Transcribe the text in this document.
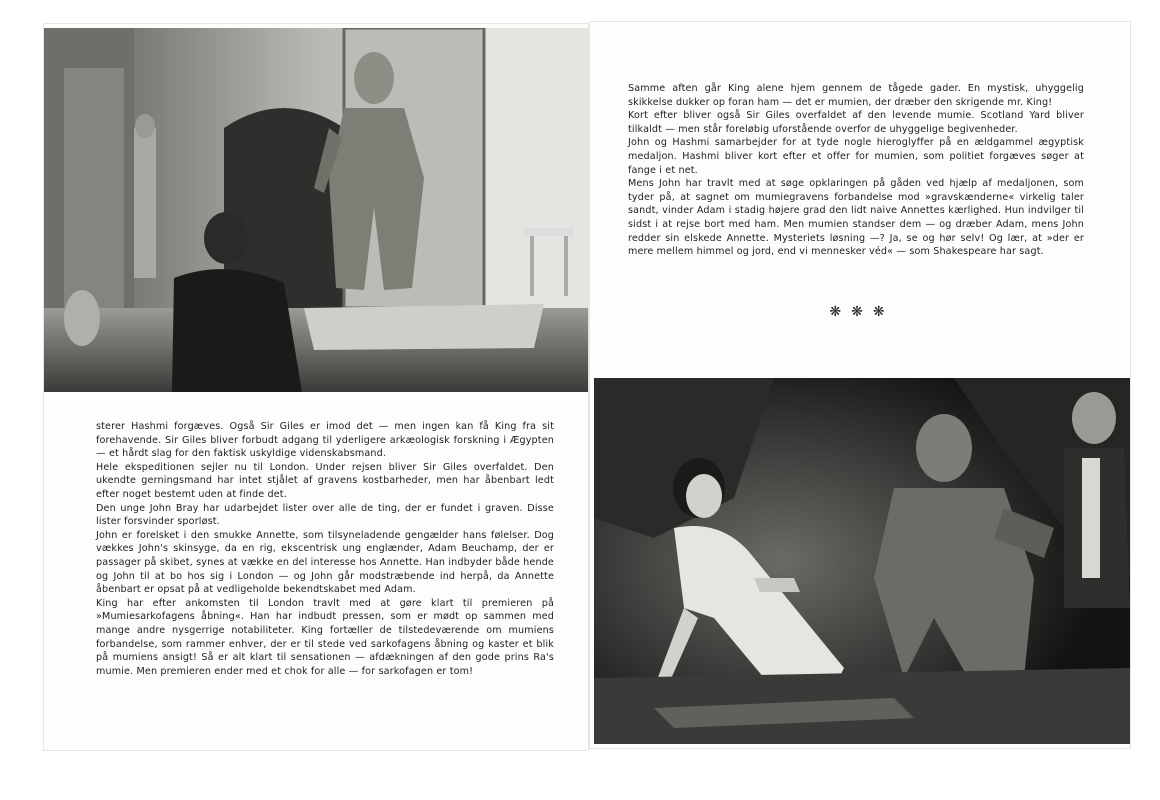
sterer Hashmi forgæves. Også Sir Giles er imod det — men ingen kan få King fra sit forehavende. Sir Giles bliver forbudt adgang til yderligere arkæologisk forskning i Ægypten — et hårdt slag for den faktisk uskyldige videnskabsmand.

Hele ekspeditionen sejler nu til London. Under rejsen bliver Sir Giles overfaldet. Den ukendte gerningsmand har intet stjålet af gravens kostbarheder, men har åbenbart ledt efter noget bestemt uden at finde det.

Den unge John Bray har udarbejdet lister over alle de ting, der er fundet i graven. Disse lister forsvinder sporløst.

John er forelsket i den smukke Annette, som tilsyneladende gengælder hans følelser. Dog vækkes John's skinsyge, da en rig, ekscentrisk ung englænder, Adam Beuchamp, der er passager på skibet, synes at vække en del interesse hos Annette. Han indbyder både hende og John til at bo hos sig i London — og John går modstræbende ind herpå, da Annette åbenbart er opsat på at vedligeholde bekendtskabet med Adam.

King har efter ankomsten til London travlt med at gøre klart til premieren på »Mumiesarkofagens åbning«. Han har indbudt pressen, som er mødt op sammen med mange andre nysgerrige notabiliteter. King fortæller de tilstedeværende om mumiens forbandelse, som rammer enhver, der er til stede ved sarkofagens åbning og kaster et blik på mumiens ansigt! Så er alt klart til sensationen — afdækningen af den gode prins Ra's mumie. Men premieren ender med et chok for alle — for sarkofagen er tom!

Samme aften går King alene hjem gennem de tågede gader. En mystisk, uhyggelig skikkelse dukker op foran ham — det er mumien, der dræber den skrigende mr. King!

Kort efter bliver også Sir Giles overfaldet af den levende mumie. Scotland Yard bliver tilkaldt — men står foreløbig uforstående overfor de uhyggelige begivenheder.

John og Hashmi samarbejder for at tyde nogle hieroglyffer på en ældgammel ægyptisk medaljon. Hashmi bliver kort efter et offer for mumien, som politiet forgæves søger at fange i et net.

Mens John har travlt med at søge opklaringen på gåden ved hjælp af medaljonen, som tyder på, at sagnet om mumiegravens forbandelse mod »gravskænderne« virkelig taler sandt, vinder Adam i stadig højere grad den lidt naive Annettes kærlighed. Hun indvilger til sidst i at rejse bort med ham. Men mumien standser dem — og dræber Adam, mens John redder sin elskede Annette. Mysteriets løsning —? Ja, se og hør selv! Og lær, at »der er mere mellem himmel og jord, end vi mennesker véd« — som Shakespeare har sagt.

❋❋❋
